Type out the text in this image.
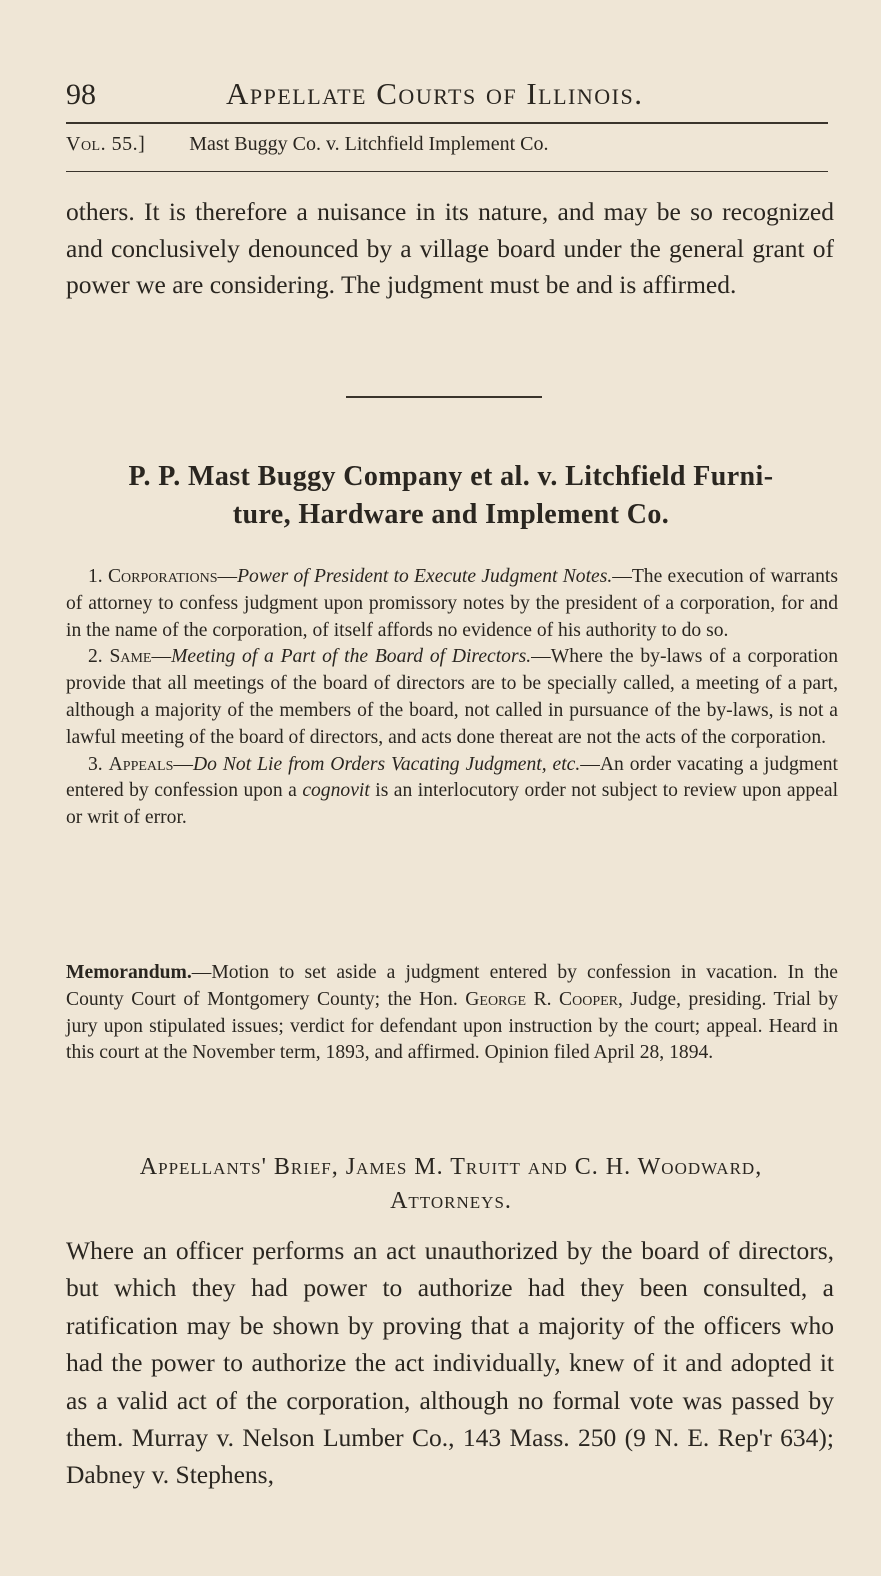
98	Appellate Courts of Illinois.
Vol. 55.] Mast Buggy Co. v. Litchfield Implement Co.
others. It is therefore a nuisance in its nature, and may be so recognized and conclusively denounced by a village board under the general grant of power we are considering. The judgment must be and is affirmed.
P. P. Mast Buggy Company et al. v. Litchfield Furni-
ture, Hardware and Implement Co.

1. Corporations—Power of President to Execute Judgment Notes.—The execution of warrants of attorney to confess judgment upon promissory notes by the president of a corporation, for and in the name of the corporation, of itself affords no evidence of his authority to do so.

2. Same—Meeting of a Part of the Board of Directors.—Where the by-laws of a corporation provide that all meetings of the board of directors are to be specially called, a meeting of a part, although a majority of the members of the board, not called in pursuance of the by-laws, is not a lawful meeting of the board of directors, and acts done thereat are not the acts of the corporation.

3. Appeals—Do Not Lie from Orders Vacating Judgment, etc.—An order vacating a judgment entered by confession upon a cognovit is an interlocutory order not subject to review upon appeal or writ of error.

Memorandum.—Motion to set aside a judgment entered by confession in vacation. In the County Court of Montgomery County; the Hon. George R. Cooper, Judge, presiding. Trial by jury upon stipulated issues; verdict for defendant upon instruction by the court; appeal. Heard in this court at the November term, 1893, and affirmed. Opinion filed April 28, 1894.
Appellants' Brief, James M. Truitt and C. H. Woodward,
Attorneys.
Where an officer performs an act unauthorized by the board of directors, but which they had power to authorize had they been consulted, a ratification may be shown by proving that a majority of the officers who had the power to authorize the act individually, knew of it and adopted it as a valid act of the corporation, although no formal vote was passed by them. Murray v. Nelson Lumber Co., 143 Mass. 250 (9 N. E. Rep'r 634); Dabney v. Stephens,
